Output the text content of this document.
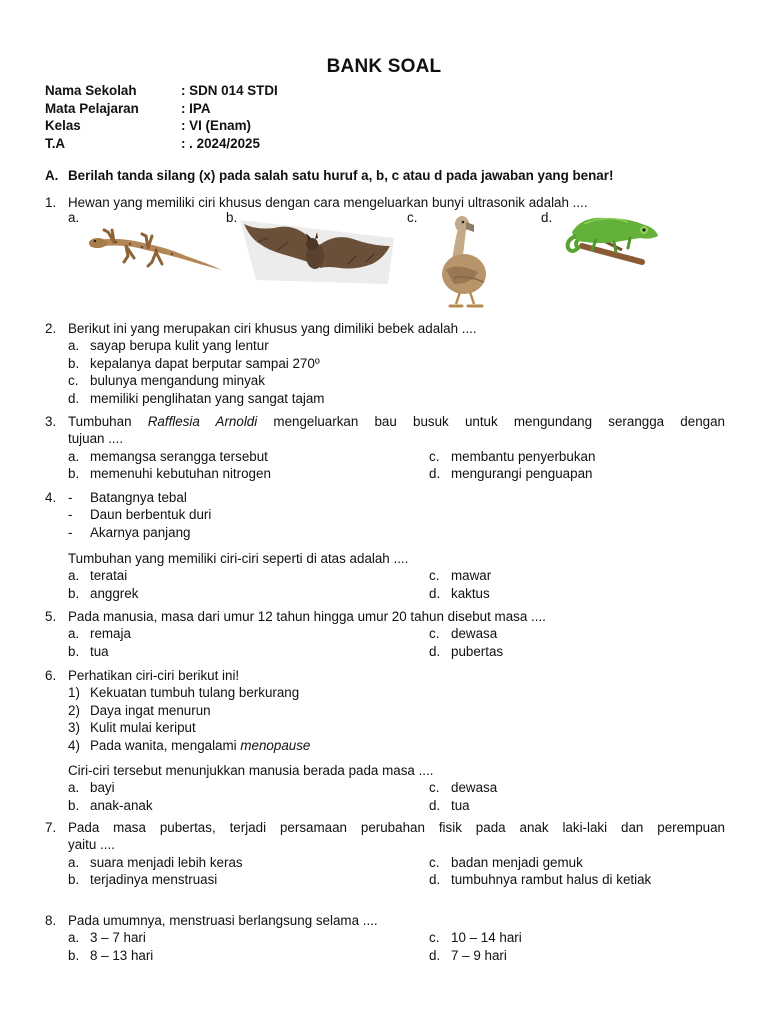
BANK SOAL
Nama Sekolah	: SDN 014 STDI
Mata Pelajaran	: IPA
Kelas	: VI (Enam)
T.A	: . 2024/2025
A. Berilah tanda silang (x) pada salah satu huruf a, b, c atau d pada jawaban yang benar!
1. Hewan yang memiliki ciri khusus dengan cara mengeluarkan bunyi ultrasonik adalah ....
a.	b.	c.	d.
2. Berikut ini yang merupakan ciri khusus yang dimiliki bebek adalah ....
a. sayap berupa kulit yang lentur
b. kepalanya dapat berputar sampai 270º
c. bulunya mengandung minyak
d. memiliki penglihatan yang sangat tajam
3. Tumbuhan Rafflesia Arnoldi mengeluarkan bau busuk untuk mengundang serangga dengan
tujuan ....
a. memangsa serangga tersebut	c. membantu penyerbukan
b. memenuhi kebutuhan nitrogen	d. mengurangi penguapan
4. - Batangnya tebal
- Daun berbentuk duri
- Akarnya panjang
Tumbuhan yang memiliki ciri-ciri seperti di atas adalah ....
a. teratai	c. mawar
b. anggrek	d. kaktus
5. Pada manusia, masa dari umur 12 tahun hingga umur 20 tahun disebut masa ....
a. remaja	c. dewasa
b. tua	d. pubertas
6. Perhatikan ciri-ciri berikut ini!
1) Kekuatan tumbuh tulang berkurang
2) Daya ingat menurun
3) Kulit mulai keriput
4) Pada wanita, mengalami menopause
Ciri-ciri tersebut menunjukkan manusia berada pada masa ....
a. bayi	c. dewasa
b. anak-anak	d. tua
7. Pada masa pubertas, terjadi persamaan perubahan fisik pada anak laki-laki dan perempuan
yaitu ....
a. suara menjadi lebih keras	c. badan menjadi gemuk
b. terjadinya menstruasi	d. tumbuhnya rambut halus di ketiak
8. Pada umumnya, menstruasi berlangsung selama ....
a. 3 – 7 hari	c. 10 – 14 hari
b. 8 – 13 hari	d. 7 – 9 hari
